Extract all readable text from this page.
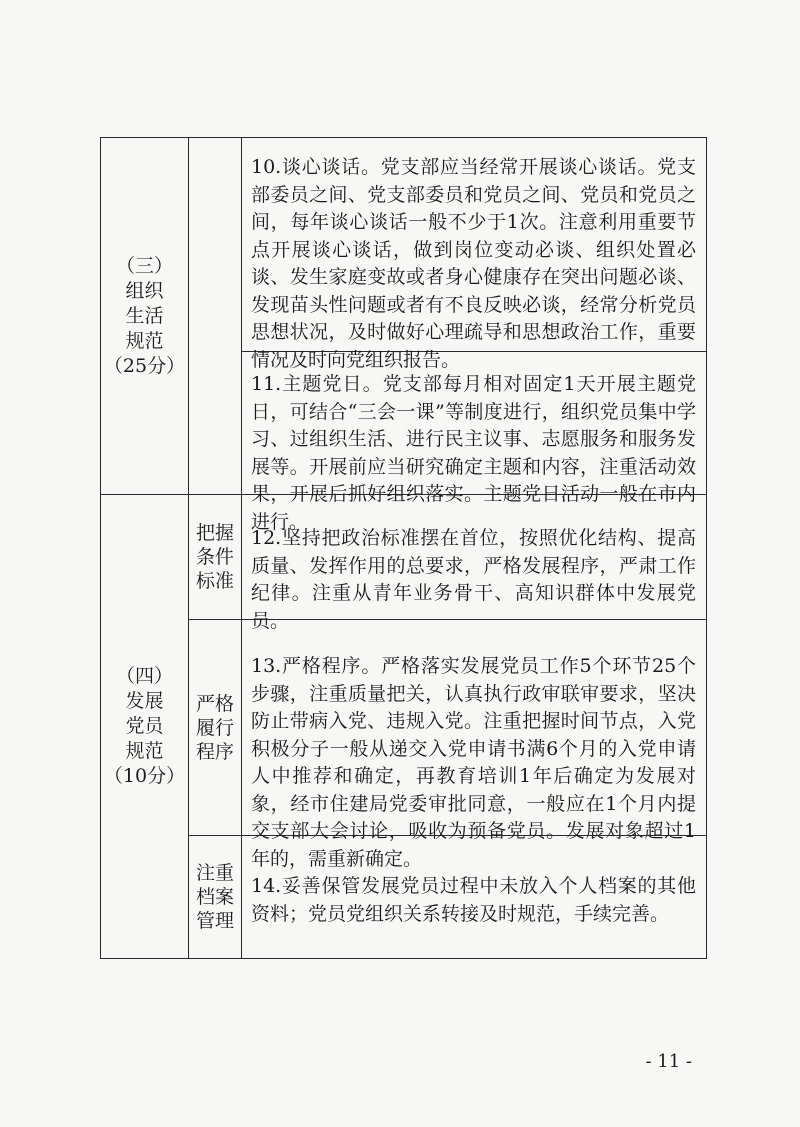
（三）
组织
生活
规范
（25分）
10.谈心谈话。党支部应当经常开展谈心谈话。党支部委员之间、党支部委员和党员之间、党员和党员之间，每年谈心谈话一般不少于1次。注意利用重要节点开展谈心谈话，做到岗位变动必谈、组织处置必谈、发生家庭变故或者身心健康存在突出问题必谈、发现苗头性问题或者有不良反映必谈，经常分析党员思想状况，及时做好心理疏导和思想政治工作，重要情况及时向党组织报告。
11.主题党日。党支部每月相对固定1天开展主题党日，可结合“三会一课”等制度进行，组织党员集中学习、过组织生活、进行民主议事、志愿服务和服务发展等。开展前应当研究确定主题和内容，注重活动效果，开展后抓好组织落实。主题党日活动一般在市内进行。
（四）
发展
党员
规范
（10分）
把握
条件
标准
12.坚持把政治标准摆在首位，按照优化结构、提高质量、发挥作用的总要求，严格发展程序，严肃工作纪律。注重从青年业务骨干、高知识群体中发展党员。
严格
履行
程序
13.严格程序。严格落实发展党员工作5个环节25个步骤，注重质量把关，认真执行政审联审要求，坚决防止带病入党、违规入党。注重把握时间节点，入党积极分子一般从递交入党申请书满6个月的入党申请人中推荐和确定，再教育培训1年后确定为发展对象，经市住建局党委审批同意，一般应在1个月内提交支部大会讨论，吸收为预备党员。发展对象超过1年的，需重新确定。
注重
档案
管理
14.妥善保管发展党员过程中未放入个人档案的其他资料；党员党组织关系转接及时规范，手续完善。
- 11 -
